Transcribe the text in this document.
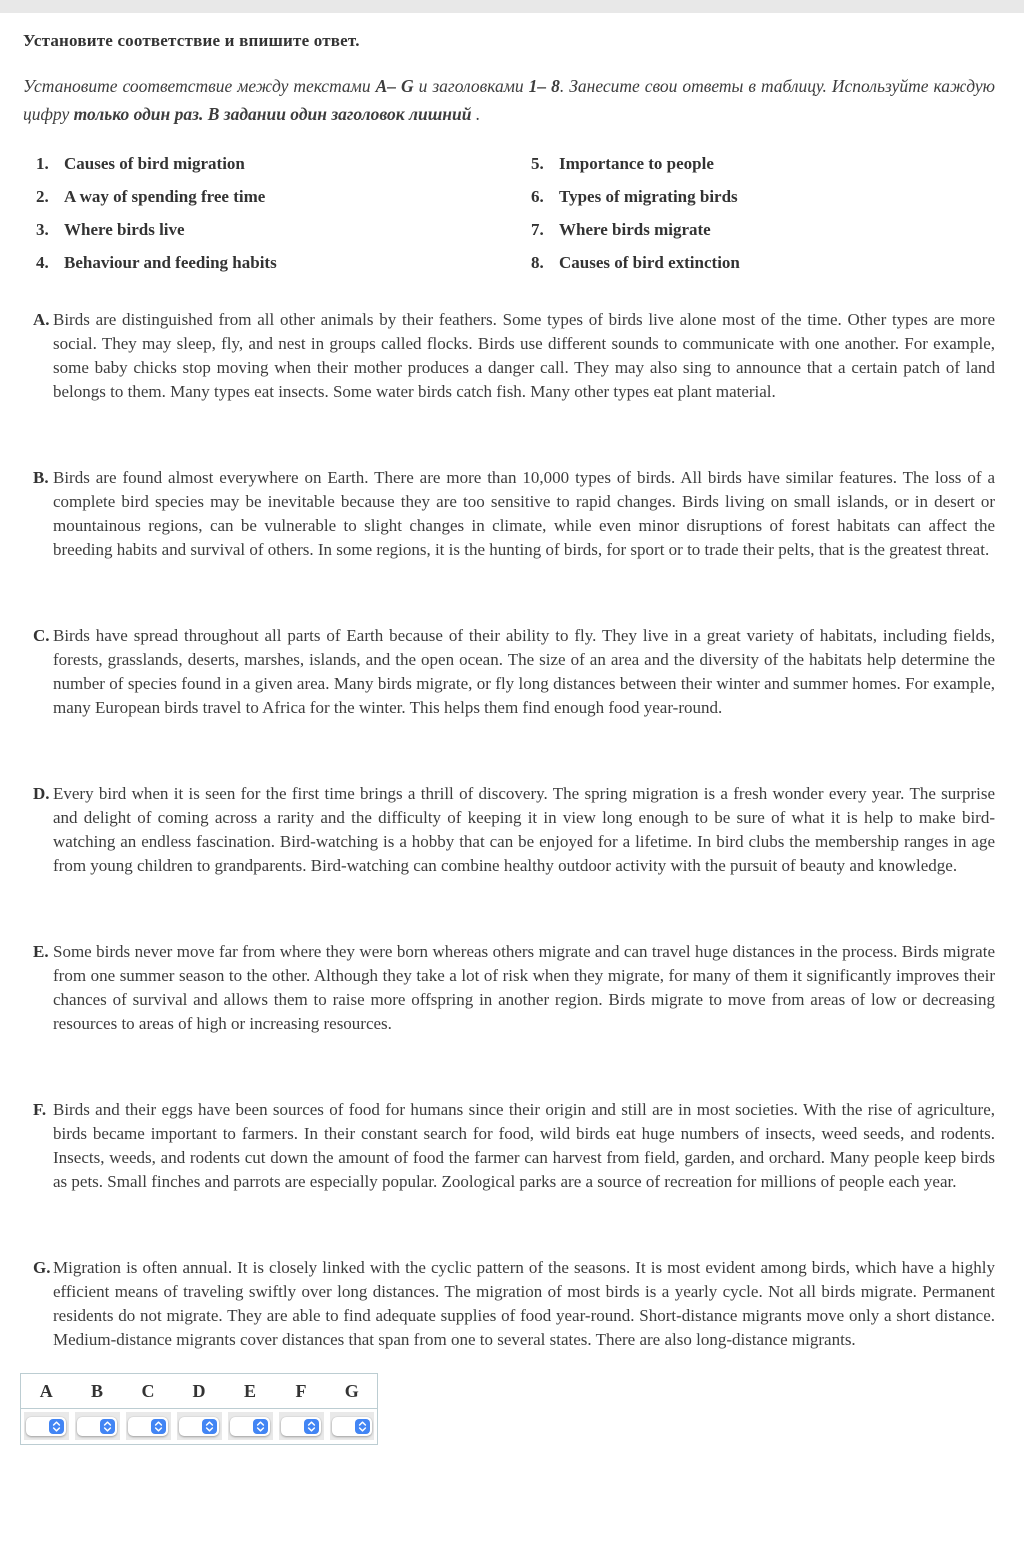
Установите соответствие и впишите ответ.

Установите соответствие между текстами А– G и заголовками 1– 8. Занесите свои ответы в таблицу. Используйте каждую цифру только один раз. В задании один заголовок лишний .

1. Causes of bird migration
2. A way of spending free time
3. Where birds live
4. Behaviour and feeding habits
5. Importance to people
6. Types of migrating birds
7. Where birds migrate
8. Causes of bird extinction
A. Birds are distinguished from all other animals by their feathers. Some types of birds live alone most of the time. Other types are more social. They may sleep, fly, and nest in groups called flocks. Birds use different sounds to communicate with one another. For example, some baby chicks stop moving when their mother produces a danger call. They may also sing to announce that a certain patch of land belongs to them. Many types eat insects. Some water birds catch fish. Many other types eat plant material.

B. Birds are found almost everywhere on Earth. There are more than 10,000 types of birds. All birds have similar features. The loss of a complete bird species may be inevitable because they are too sensitive to rapid changes. Birds living on small islands, or in desert or mountainous regions, can be vulnerable to slight changes in climate, while even minor disruptions of forest habitats can affect the breeding habits and survival of others. In some regions, it is the hunting of birds, for sport or to trade their pelts, that is the greatest threat.

C. Birds have spread throughout all parts of Earth because of their ability to fly. They live in a great variety of habitats, including fields, forests, grasslands, deserts, marshes, islands, and the open ocean. The size of an area and the diversity of the habitats help determine the number of species found in a given area. Many birds migrate, or fly long distances between their winter and summer homes. For example, many European birds travel to Africa for the winter. This helps them find enough food year-round.

D. Every bird when it is seen for the first time brings a thrill of discovery. The spring migration is a fresh wonder every year. The surprise and delight of coming across a rarity and the difficulty of keeping it in view long enough to be sure of what it is help to make bird-watching an endless fascination. Bird-watching is a hobby that can be enjoyed for a lifetime. In bird clubs the membership ranges in age from young children to grandparents. Bird-watching can combine healthy outdoor activity with the pursuit of beauty and knowledge.

E. Some birds never move far from where they were born whereas others migrate and can travel huge distances in the process. Birds migrate from one summer season to the other. Although they take a lot of risk when they migrate, for many of them it significantly improves their chances of survival and allows them to raise more offspring in another region. Birds migrate to move from areas of low or decreasing resources to areas of high or increasing resources.

F. Birds and their eggs have been sources of food for humans since their origin and still are in most societies. With the rise of agriculture, birds became important to farmers. In their constant search for food, wild birds eat huge numbers of insects, weed seeds, and rodents. Insects, weeds, and rodents cut down the amount of food the farmer can harvest from field, garden, and orchard. Many people keep birds as pets. Small finches and parrots are especially popular. Zoological parks are a source of recreation for millions of people each year.

G. Migration is often annual. It is closely linked with the cyclic pattern of the seasons. It is most evident among birds, which have a highly efficient means of traveling swiftly over long distances. The migration of most birds is a yearly cycle. Not all birds migrate. Permanent residents do not migrate. They are able to find adequate supplies of food year-round. Short-distance migrants move only a short distance. Medium-distance migrants cover distances that span from one to several states. There are also long-distance migrants.

A	B	C	D	E	F	G
